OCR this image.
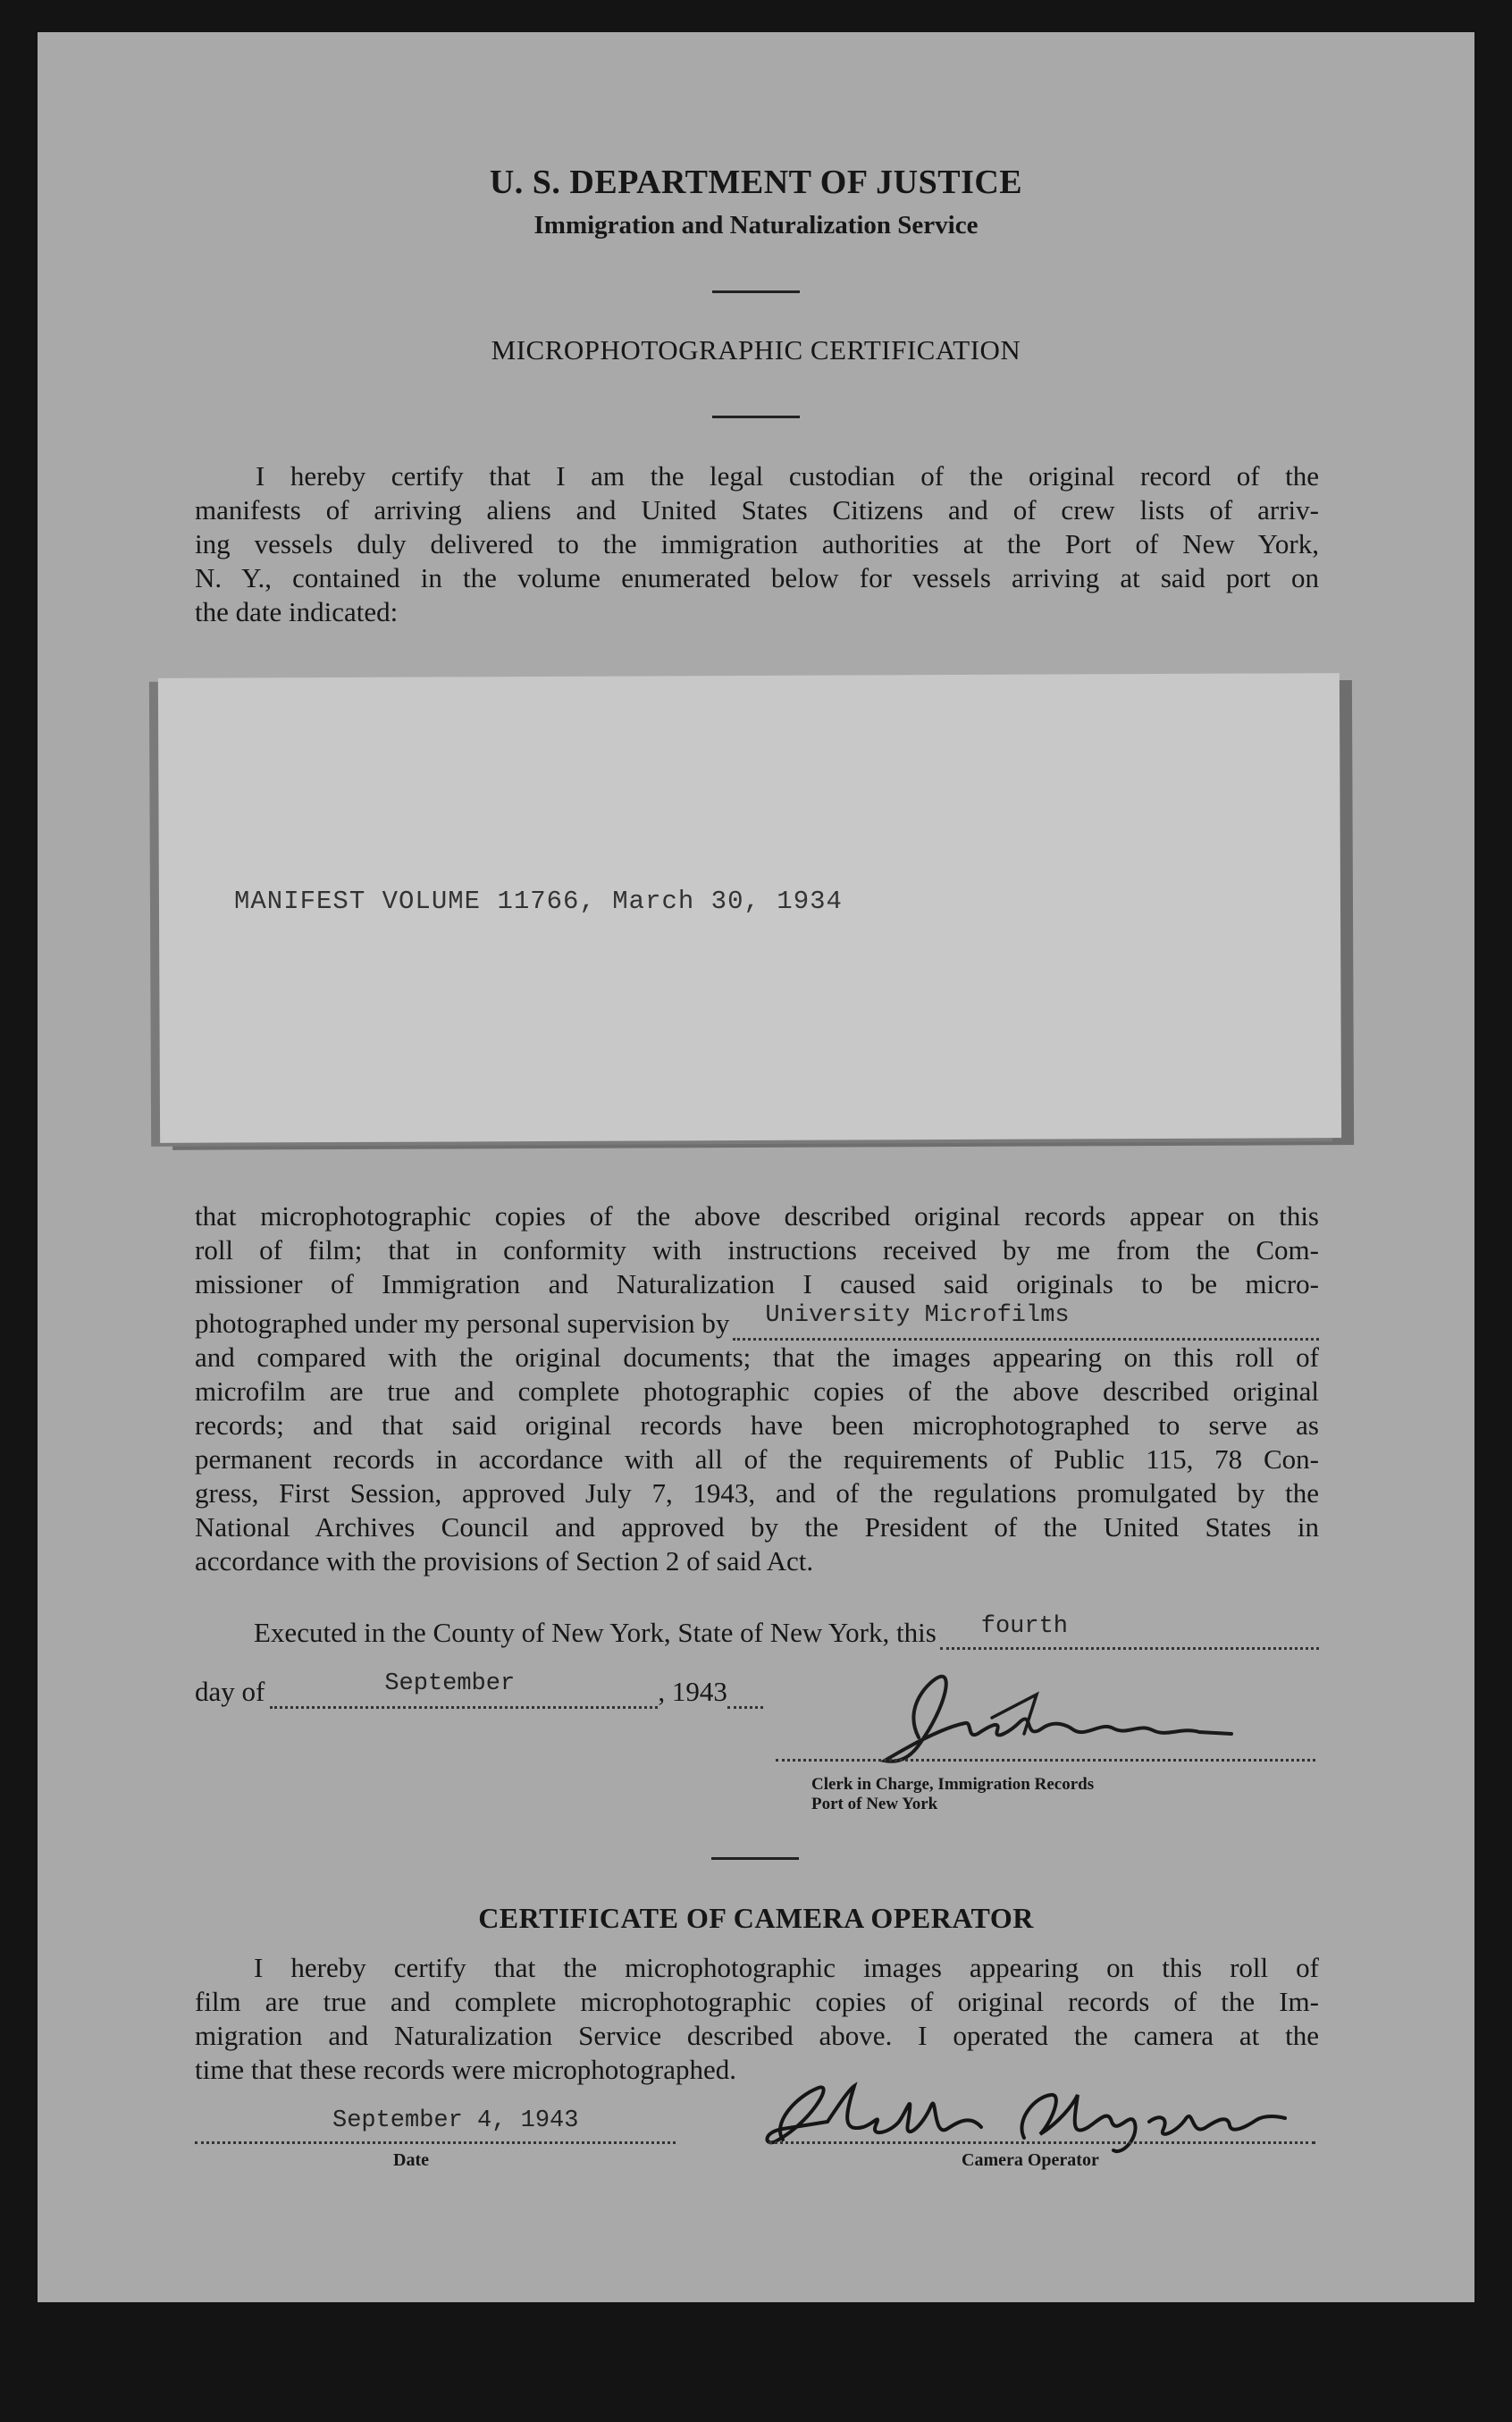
U. S. DEPARTMENT OF JUSTICE
Immigration and Naturalization Service
MICROPHOTOGRAPHIC CERTIFICATION
I hereby certify that I am the legal custodian of the original record of the
manifests of arriving aliens and United States Citizens and of crew lists of arriv-
ing vessels duly delivered to the immigration authorities at the Port of New York,
N. Y., contained in the volume enumerated below for vessels arriving at said port on
the date indicated:
MANIFEST VOLUME 11766, March 30, 1934
that microphotographic copies of the above described original records appear on this
roll of film; that in conformity with instructions received by me from the Com-
missioner of Immigration and Naturalization I caused said originals to be micro-
photographed under my personal supervision by University Microfilms
and compared with the original documents; that the images appearing on this roll of
microfilm are true and complete photographic copies of the above described original
records; and that said original records have been microphotographed to serve as
permanent records in accordance with all of the requirements of Public 115, 78 Con-
gress, First Session, approved July 7, 1943, and of the regulations promulgated by the
National Archives Council and approved by the President of the United States in
accordance with the provisions of Section 2 of said Act.
Executed in the County of New York, State of New York, this fourth
day of	September	, 1943
Clerk in Charge, Immigration Records
Port of New York
CERTIFICATE OF CAMERA OPERATOR
I hereby certify that the microphotographic images appearing on this roll of
film are true and complete microphotographic copies of original records of the Im-
migration and Naturalization Service described above. I operated the camera at the
time that these records were microphotographed.
September 4, 1943
Date	Camera Operator
